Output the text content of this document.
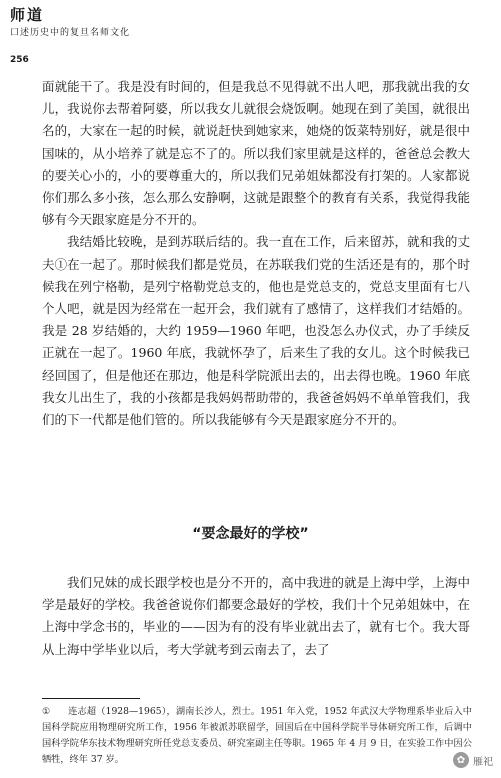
师道
口述历史中的复旦名师文化
256

面就能干了。我是没有时间的，但是我总不见得就不出人吧，那我就出我的女儿，我说你去帮着阿婆，所以我女儿就很会烧饭啊。她现在到了美国，就很出名的，大家在一起的时候，就说赶快到她家来，她烧的饭菜特别好，就是很中国味的，从小培养了就是忘不了的。所以我们家里就是这样的，爸爸总会教大的要关心小的，小的要尊重大的，所以我们兄弟姐妹都没有打架的。人家都说你们那么多小孩，怎么那么安静啊，这就是跟整个的教育有关系，我觉得我能够有今天跟家庭是分不开的。

我结婚比较晚，是到苏联后结的。我一直在工作，后来留苏，就和我的丈夫①在一起了。那时候我们都是党员，在苏联我们党的生活还是有的，那个时候我在列宁格勒，是列宁格勒党总支的，他也是党总支的，党总支里面有七八个人吧，就是因为经常在一起开会，我们就有了感情了，这样我们才结婚的。我是 28 岁结婚的，大约 1959—1960 年吧，也没怎么办仪式，办了手续反正就在一起了。1960 年底，我就怀孕了，后来生了我的女儿。这个时候我已经回国了，但是他还在那边，他是科学院派出去的，出去得也晚。1960 年底我女儿出生了，我的小孩都是我妈妈帮助带的，我爸爸妈妈不单单管我们，我们的下一代都是他们管的。所以我能够有今天是跟家庭分不开的。

“要念最好的学校”

我们兄妹的成长跟学校也是分不开的，高中我进的就是上海中学，上海中学是最好的学校。我爸爸说你们都要念最好的学校，我们十个兄弟姐妹中，在上海中学念书的，毕业的——因为有的没有毕业就出去了，就有七个。我大哥从上海中学毕业以后，考大学就考到云南去了，去了

① 连志超（1928—1965），湖南长沙人，烈士。1951 年入党，1952 年武汉大学物理系毕业后入中国科学院应用物理研究所工作，1956 年被派苏联留学，回国后在中国科学院半导体研究所工作，后调中国科学院华东技术物理研究所任党总支委员、研究室副主任等职。1965 年 4 月 9 日，在实验工作中因公牺牲，终年 37 岁。	✿ 雁祀
